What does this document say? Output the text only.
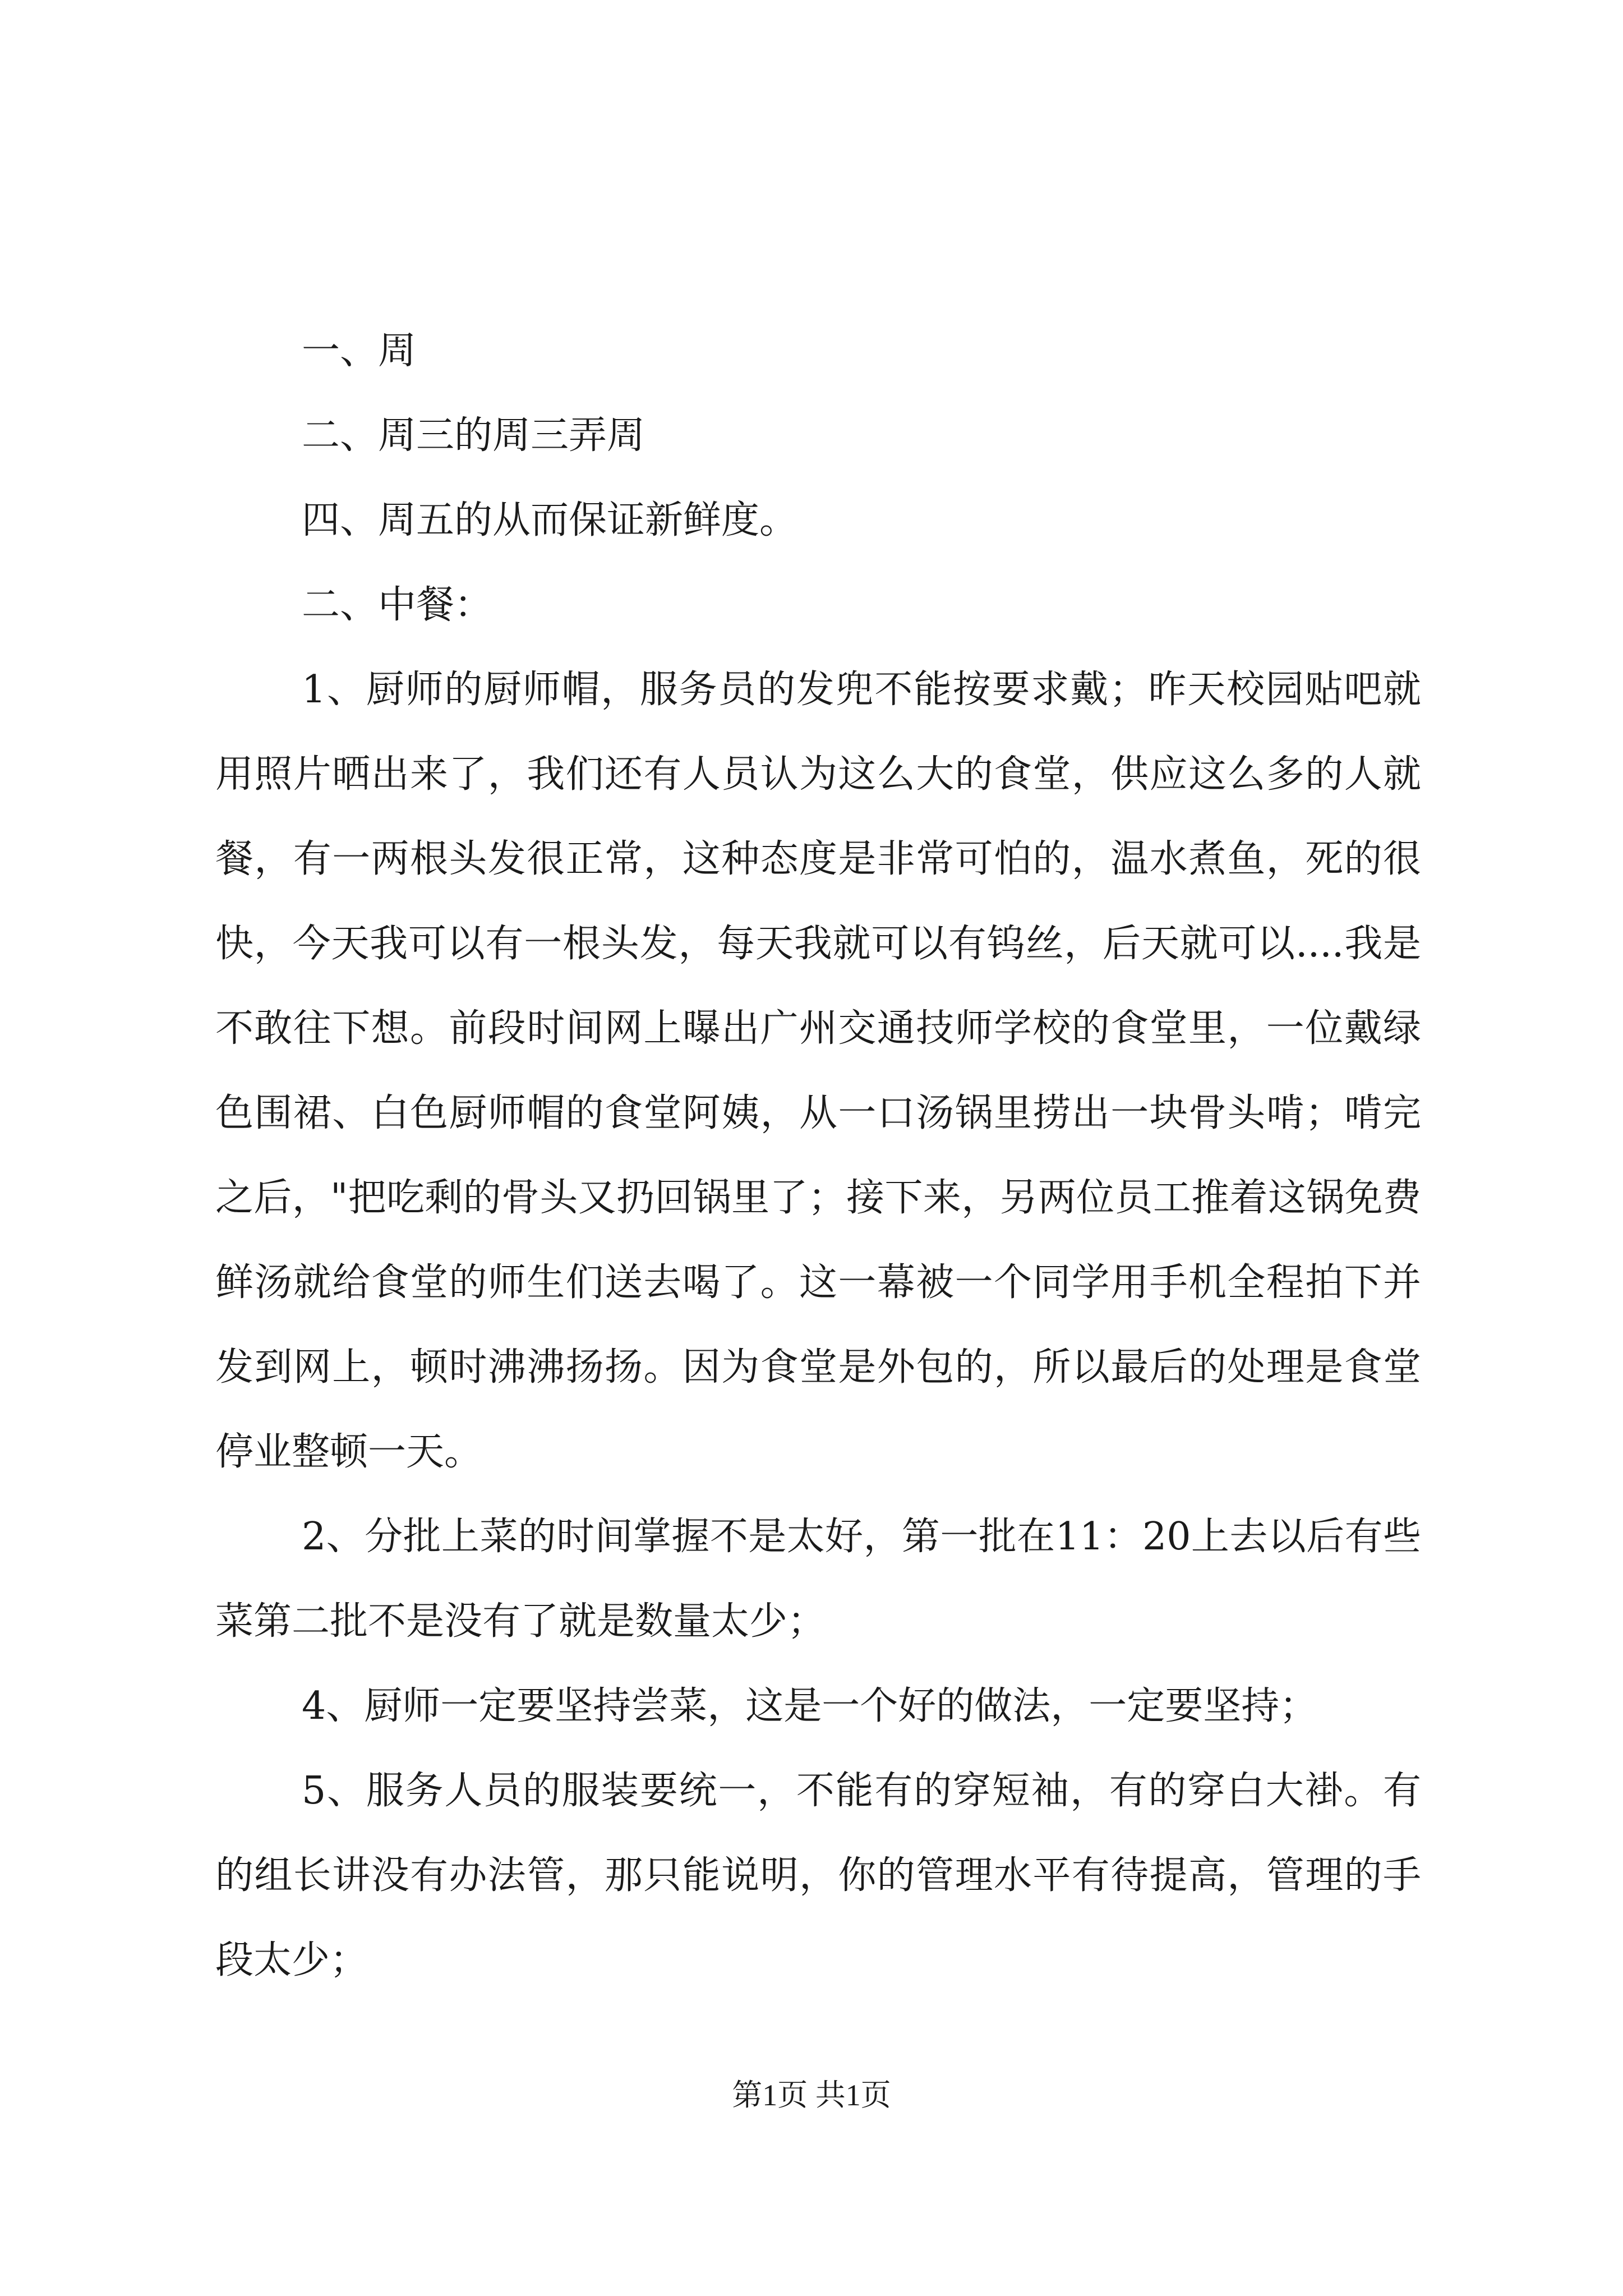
一、周

二、周三的周三弄周

四、周五的从而保证新鲜度。

二、中餐：

1、厨师的厨师帽，服务员的发兜不能按要求戴；昨天校园贴吧就用照片晒出来了，我们还有人员认为这么大的食堂，供应这么多的人就餐，有一两根头发很正常，这种态度是非常可怕的，温水煮鱼，死的很快，今天我可以有一根头发，每天我就可以有钨丝，后天就可以....我是不敢往下想。前段时间网上曝出广州交通技师学校的食堂里，一位戴绿色围裙、白色厨师帽的食堂阿姨，从一口汤锅里捞出一块骨头啃；啃完之后，"把吃剩的骨头又扔回锅里了；接下来，另两位员工推着这锅免费鲜汤就给食堂的师生们送去喝了。这一幕被一个同学用手机全程拍下并发到网上，顿时沸沸扬扬。因为食堂是外包的，所以最后的处理是食堂停业整顿一天。

2、分批上菜的时间掌握不是太好，第一批在11：20上去以后有些菜第二批不是没有了就是数量太少；

4、厨师一定要坚持尝菜，这是一个好的做法，一定要坚持；

5、服务人员的服装要统一，不能有的穿短袖，有的穿白大褂。有的组长讲没有办法管，那只能说明，你的管理水平有待提高，管理的手段太少；

第1页 共1页
